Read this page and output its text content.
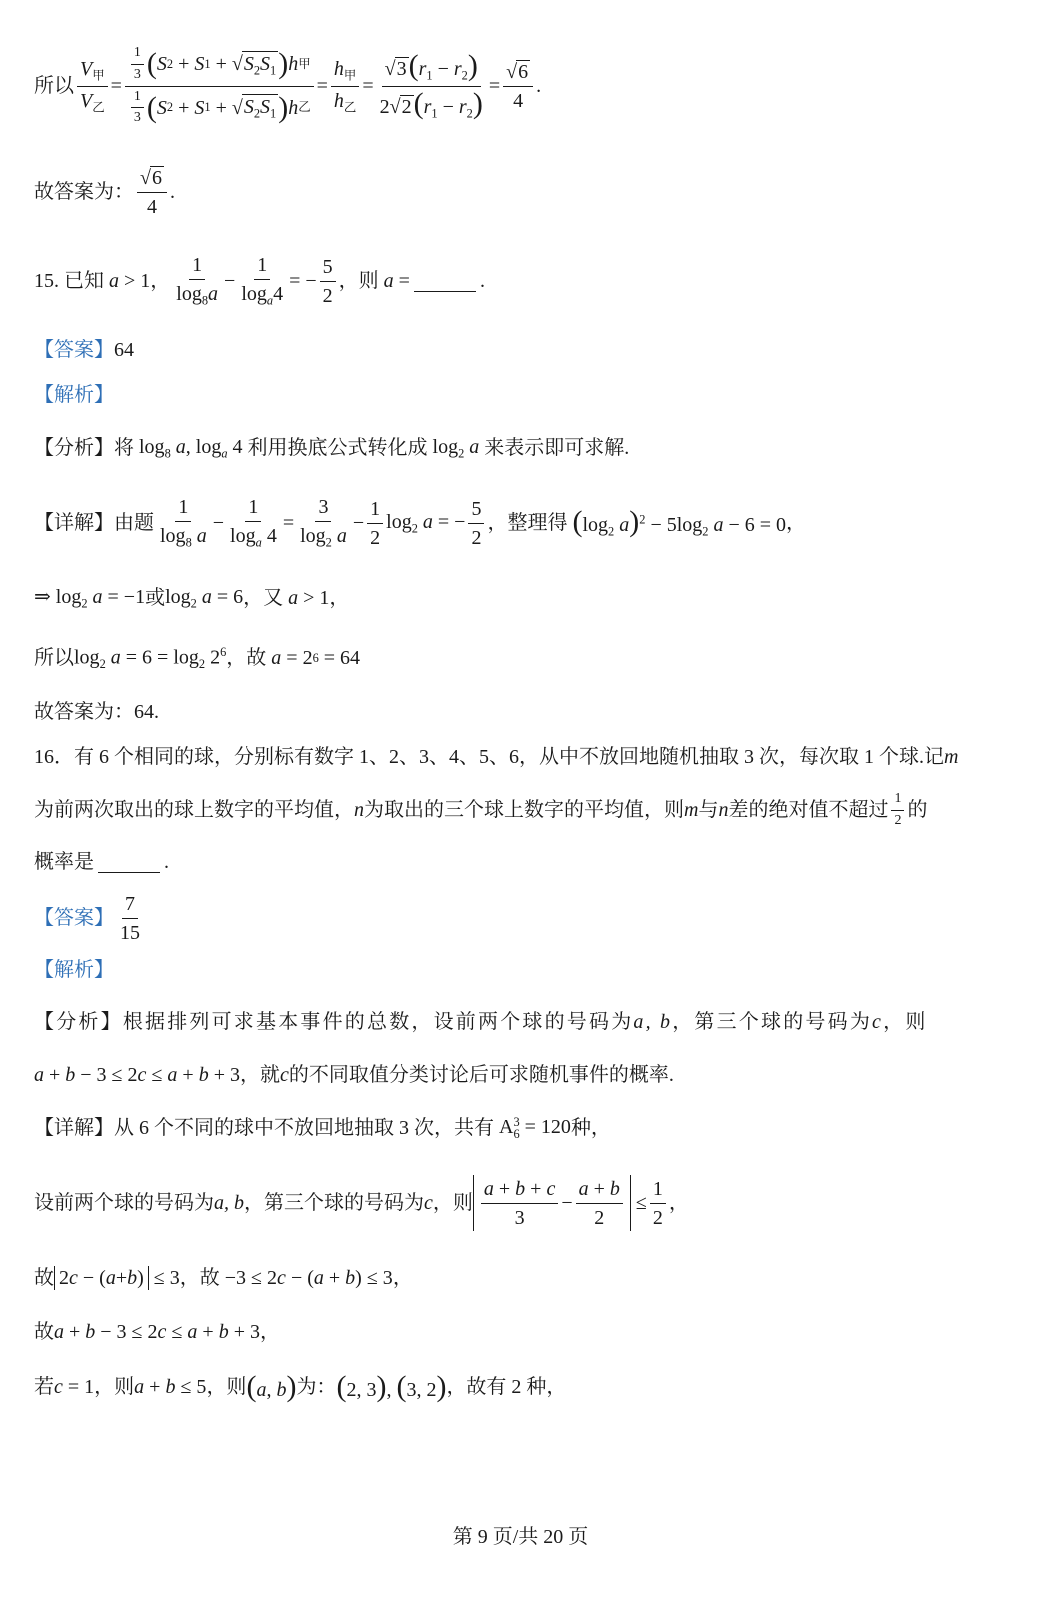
所以 $\frac{V_甲}{V_乙} = \frac{\frac{1}{3} ( S 2 + S 1 + √ S_2S_1 ) h 甲}{\frac{1}{3} ( S 2 + S 1 + √ S_2S_1 ) h 乙} = \frac{h_甲}{h_乙} = \frac{√3(r_1 - r_2)}{2√2(r_1 - r_2)} = \frac{√6}{4}$ .
故答案为： $\frac{√6}{4}$ .
15.
已知 a > 1 ， $\frac{1}{\log_8a} - \frac{1}{\log_a4}$ = − $\frac{5}{2}$ ，则 a =	.
【答案】 64
【解析】
【分析】 将 $\log_8 a$, $\log_a 4$ 利用换底公式转化成 $\log_2 a$ 来表示即可求解.
【详解】 由题 $\frac{1}{\log_8 a} - \frac{1}{\log_a 4} = \frac{3}{\log_2 a} - \frac{1}{2} \log_2 a$ = − $\frac{5}{2}$ ，整理得 ($\log_2$ $a)^2 - 5\log_2$ a − 6 = 0 ，
⇒ $\log_2 a = -1$ 或 $\log_2 a = 6$ ，又 a > 1 ，
所以 $\log_2 a = 6 = \log_2 2^6$ ，故 a = 2 6 = 64
故答案为：64.
16．有 6 个相同的球，分别标有数字 1、2、3、4、5、6，从中不放回地随机抽取 3 次，每次取 1 个球.记 m
为前两次取出的球上数字的平均值， n 为取出的三个球上数字的平均值，则 m 与 n 差的绝对值不超过 $\frac{1}{2}$ 的
概率是	.
【答案】 $\frac{7}{15}$
【解析】
【分析】 根据排列可求基本事件的总数，设前两个球的号码为 a, b ，第三个球的号码为 c ，则
a + b − 3 ≤ 2c ≤ a + b + 3 ，就 c 的不同取值分类讨论后可求随机事件的概率.
【详解】 从 6 个不同的球中不放回地抽取 3 次，共有 A 3
6 = 120 种，
设前两个球的号码为 a, b ，第三个球的号码为 c ，则 $\frac{a + b + c}{3} - \frac{a + b}{2} \le \frac{1}{2}$ ，
故 2 c − ( a + b ) ≤ 3 ，故 −3 ≤ 2c − (a + b) ≤ 3 ，
故 a + b − 3 ≤ 2c ≤ a + b + 3 ，
若 c = 1 ，则 a + b ≤ 5 ，则 (a, b) 为： (2, 3), (3, 2) ，故有 2 种，
第 9 页/共 20 页
